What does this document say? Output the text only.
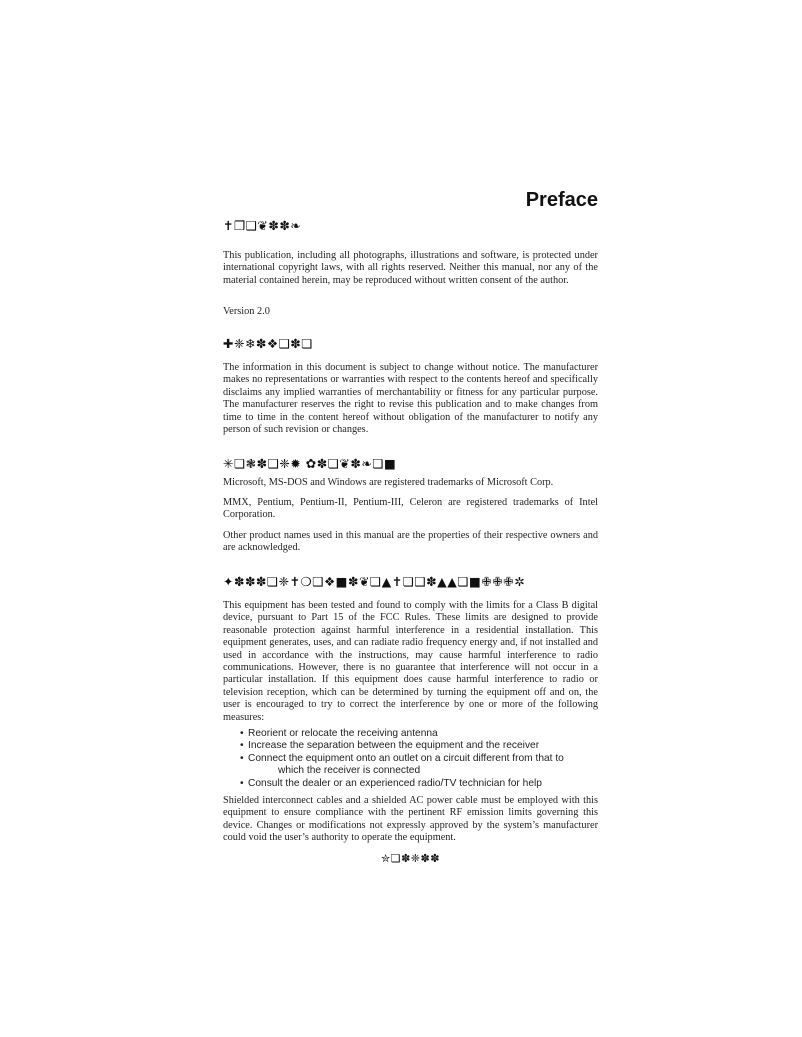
Preface
✝❒❑❦✽✽❧
This publication, including all photographs, illustrations and software, is protected under international copyright laws, with all rights reserved. Neither this manual, nor any of the material contained herein, may be reproduced without written consent of the author.
Version 2.0
✚❈❄✽❖❑✽❏
The information in this document is subject to change without notice. The manufacturer makes no representations or warranties with respect to the contents hereof and specifically disclaims any implied warranties of merchantability or fitness for any particular purpose. The manufacturer reserves the right to revise this publication and to make changes from time to time in the content hereof without obligation of the manufacturer to notify any person of such revision or changes.
✳❏❃✽❑❈✹ ✿✽❏❦✽❧❏■
Microsoft, MS-DOS and Windows are registered trademarks of Microsoft Corp.
MMX, Pentium, Pentium-II, Pentium-III, Celeron are registered trademarks of Intel Corporation.
Other product names used in this manual are the properties of their respective owners and are acknowledged.
✦✽✽✽❏❈✝❍❑❖■✽❦❏▲✝❏❑✽▲▲❏■✙✙✙✲
This equipment has been tested and found to comply with the limits for a Class B digital device, pursuant to Part 15 of the FCC Rules. These limits are designed to provide reasonable protection against harmful interference in a residential installation. This equipment generates, uses, and can radiate radio frequency energy and, if not installed and used in accordance with the instructions, may cause harmful interference to radio communications. However, there is no guarantee that interference will not occur in a particular installation. If this equipment does cause harmful interference to radio or television reception, which can be determined by turning the equipment off and on, the user is encouraged to try to correct the interference by one or more of the following measures:
• Reorient or relocate the receiving antenna
• Increase the separation between the equipment and the receiver
• Connect the equipment onto an outlet on a circuit different from that to
which the receiver is connected
• Consult the dealer or an experienced radio/TV technician for help
Shielded interconnect cables and a shielded AC power cable must be employed with this equipment to ensure compliance with the pertinent RF emission limits governing this device. Changes or modifications not expressly approved by the system’s manufacturer could void the user’s authority to operate the equipment.
✮❏✽❈✽✽
